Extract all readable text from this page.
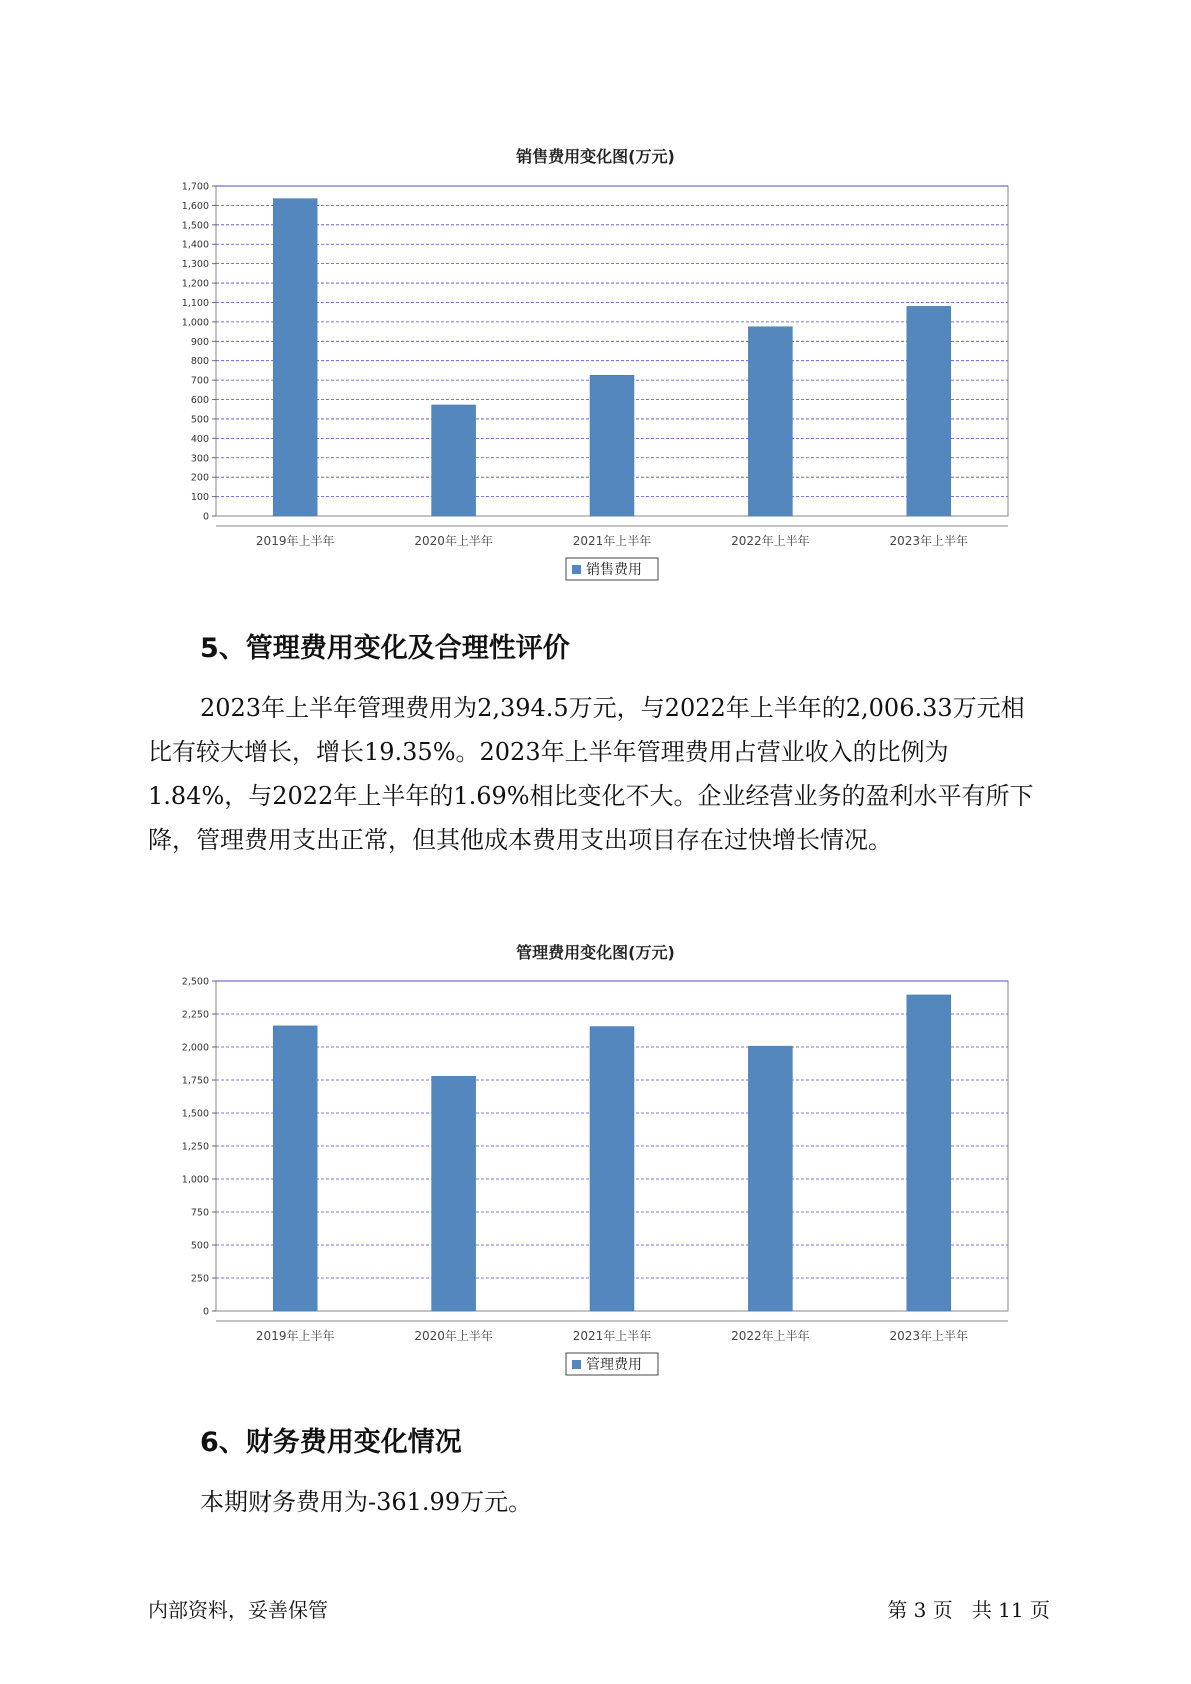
销售费用变化图(万元)
0
100
200
300
400
500
600
700
800
900
1,000
1,100
1,200
1,300
1,400
1,500
1,600
1,700
2019年上半年	2020年上半年	2021年上半年	2022年上半年	2023年上半年
销售费用
5、管理费用变化及合理性评价

2023年上半年管理费用为2,394.5万元，与2022年上半年的2,006.33万元相比有较大增长，增长19.35%。2023年上半年管理费用占营业收入的比例为1.84%，与2022年上半年的1.69%相比变化不大。企业经营业务的盈利水平有所下降，管理费用支出正常，但其他成本费用支出项目存在过快增长情况。

管理费用变化图(万元)
0
250
500
750
1,000
1,250
1,500
1,750
2,000
2,250
2,500
2019年上半年	2020年上半年	2021年上半年	2022年上半年	2023年上半年
管理费用
6、财务费用变化情况

本期财务费用为-361.99万元。

内部资料，妥善保管	第 3 页   共 11 页
